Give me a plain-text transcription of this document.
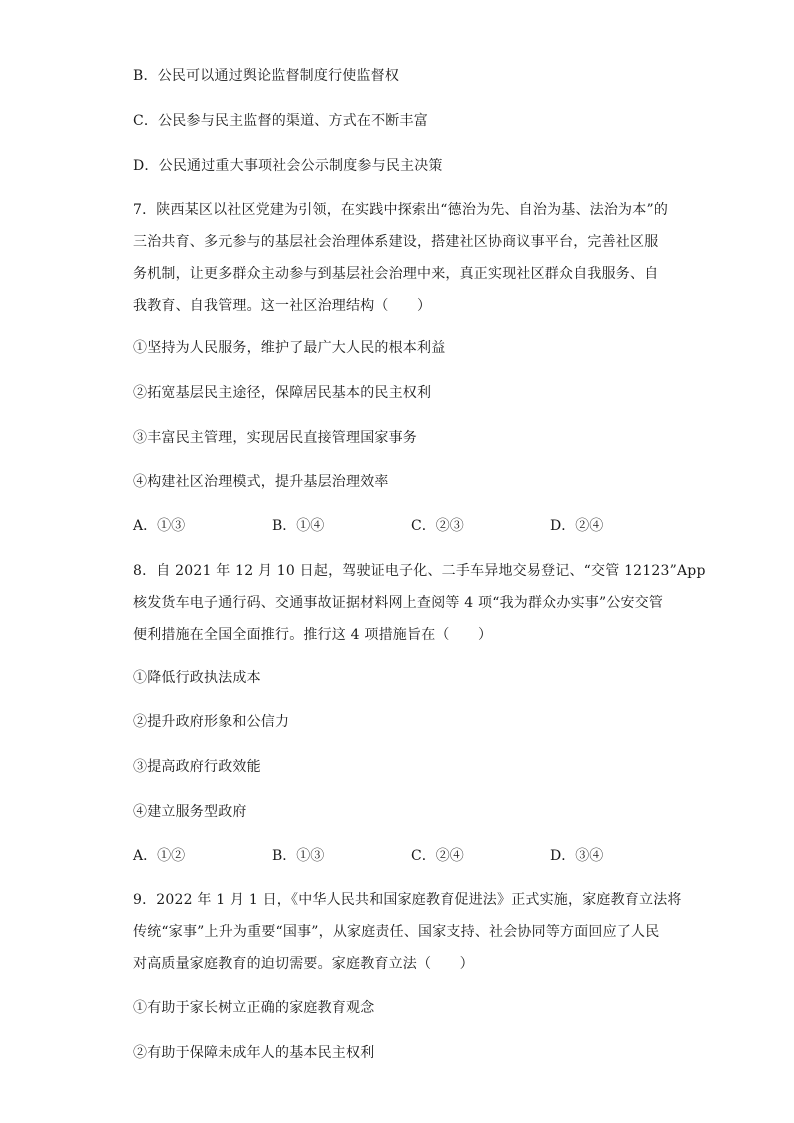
B．公民可以通过舆论监督制度行使监督权
C．公民参与民主监督的渠道、方式在不断丰富
D．公民通过重大事项社会公示制度参与民主决策
7．陕西某区以社区党建为引领，在实践中探索出“德治为先、自治为基、法治为本”的
三治共育、多元参与的基层社会治理体系建设，搭建社区协商议事平台，完善社区服
务机制，让更多群众主动参与到基层社会治理中来，真正实现社区群众自我服务、自
我教育、自我管理。这一社区治理结构（　　）
①坚持为人民服务，维护了最广大人民的根本利益
②拓宽基层民主途径，保障居民基本的民主权利
③丰富民主管理，实现居民直接管理国家事务
④构建社区治理模式，提升基层治理效率
A．①③	B．①④	C．②③	D．②④
8．自 2021 年 12 月 10 日起，驾驶证电子化、二手车异地交易登记、“交管 12123”App
核发货车电子通行码、交通事故证据材料网上查阅等 4 项“我为群众办实事”公安交管
便利措施在全国全面推行。推行这 4 项措施旨在（　　）
①降低行政执法成本
②提升政府形象和公信力
③提高政府行政效能
④建立服务型政府
A．①②	B．①③	C．②④	D．③④
9．2022 年 1 月 1 日，《中华人民共和国家庭教育促进法》正式实施，家庭教育立法将
传统“家事”上升为重要“国事”，从家庭责任、国家支持、社会协同等方面回应了人民
对高质量家庭教育的迫切需要。家庭教育立法（　　）
①有助于家长树立正确的家庭教育观念
②有助于保障未成年人的基本民主权利
